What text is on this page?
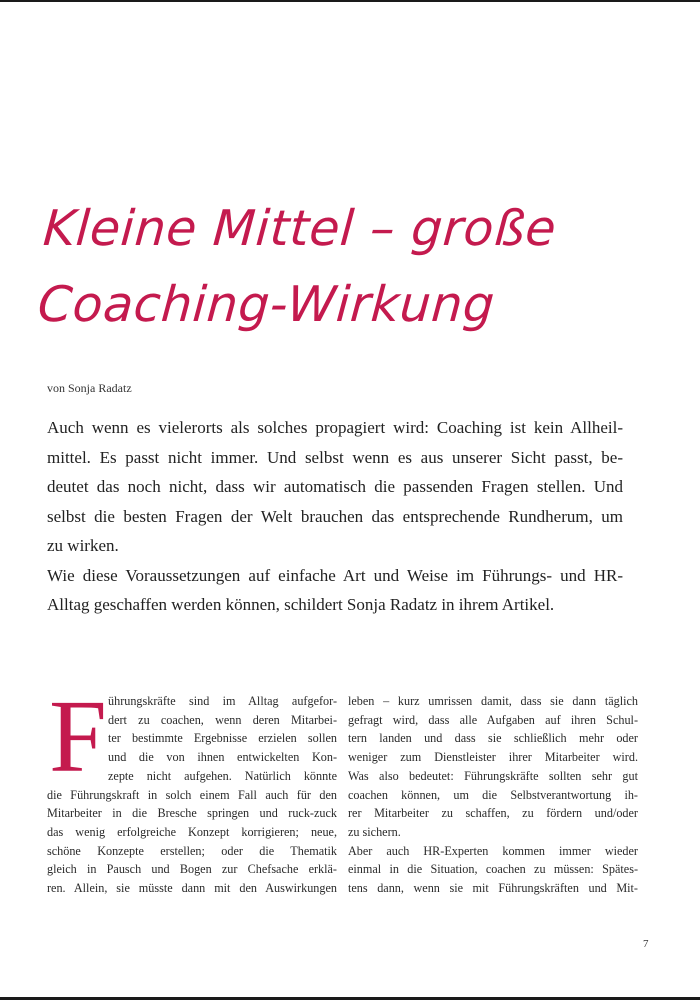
Kleine Mittel – große
Coaching-Wirkung
von Sonja Radatz
Auch wenn es vielerorts als solches propagiert wird: Coaching ist kein Allheil-
mittel. Es passt nicht immer. Und selbst wenn es aus unserer Sicht passt, be-
deutet das noch nicht, dass wir automatisch die passenden Fragen stellen. Und
selbst die besten Fragen der Welt brauchen das entsprechende Rundherum, um
zu wirken.
Wie diese Voraussetzungen auf einfache Art und Weise im Führungs- und HR-
Alltag geschaffen werden können, schildert Sonja Radatz in ihrem Artikel.
F ührungskräfte sind im Alltag aufgefor-
dert zu coachen, wenn deren Mitarbei-
ter bestimmte Ergebnisse erzielen sollen
und die von ihnen entwickelten Kon-
zepte nicht aufgehen. Natürlich könnte
die Führungskraft in solch einem Fall auch für den
Mitarbeiter in die Bresche springen und ruck-zuck
das wenig erfolgreiche Konzept korrigieren; neue,
schöne Konzepte erstellen; oder die Thematik
gleich in Pausch und Bogen zur Chefsache erklä-
ren. Allein, sie müsste dann mit den Auswirkungen
leben – kurz umrissen damit, dass sie dann täglich
gefragt wird, dass alle Aufgaben auf ihren Schul-
tern landen und dass sie schließlich mehr oder
weniger zum Dienstleister ihrer Mitarbeiter wird.
Was also bedeutet: Führungskräfte sollten sehr gut
coachen können, um die Selbstverantwortung ih-
rer Mitarbeiter zu schaffen, zu fördern und/oder
zu sichern.
Aber auch HR-Experten kommen immer wieder
einmal in die Situation, coachen zu müssen: Spätes-
tens dann, wenn sie mit Führungskräften und Mit-
7
